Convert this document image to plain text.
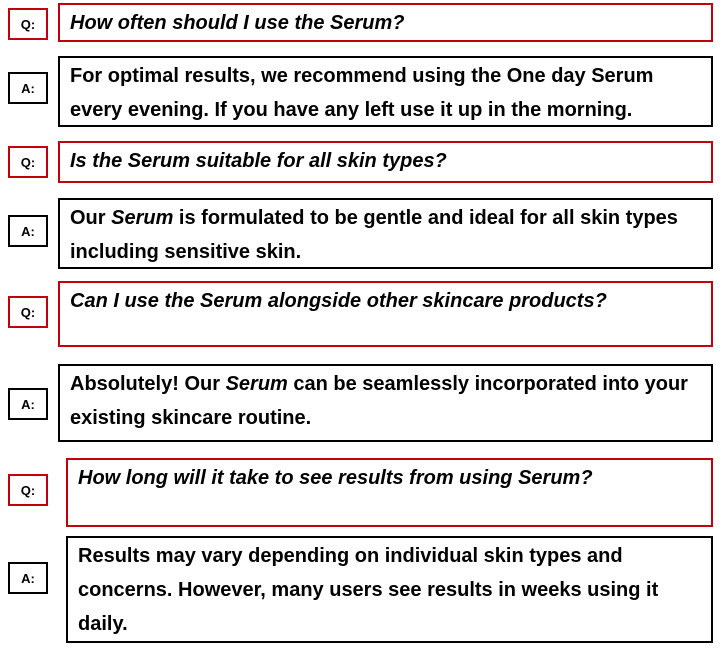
Q:	How often should I use the Serum?
A:
For optimal results, we recommend using the One day Serum every evening. If you have any left use it up in the morning.
Q:	Is the Serum suitable for all skin types?
A:
Our Serum is formulated to be gentle and ideal for all skin types including sensitive skin.
Q:	Can I use the Serum alongside other skincare products?
A:
Absolutely! Our Serum can be seamlessly incorporated into your existing skincare routine.
Q:
How long will it take to see results from using Serum?
A:
Results may vary depending on individual skin types and concerns. However, many users see results in weeks using it daily.
